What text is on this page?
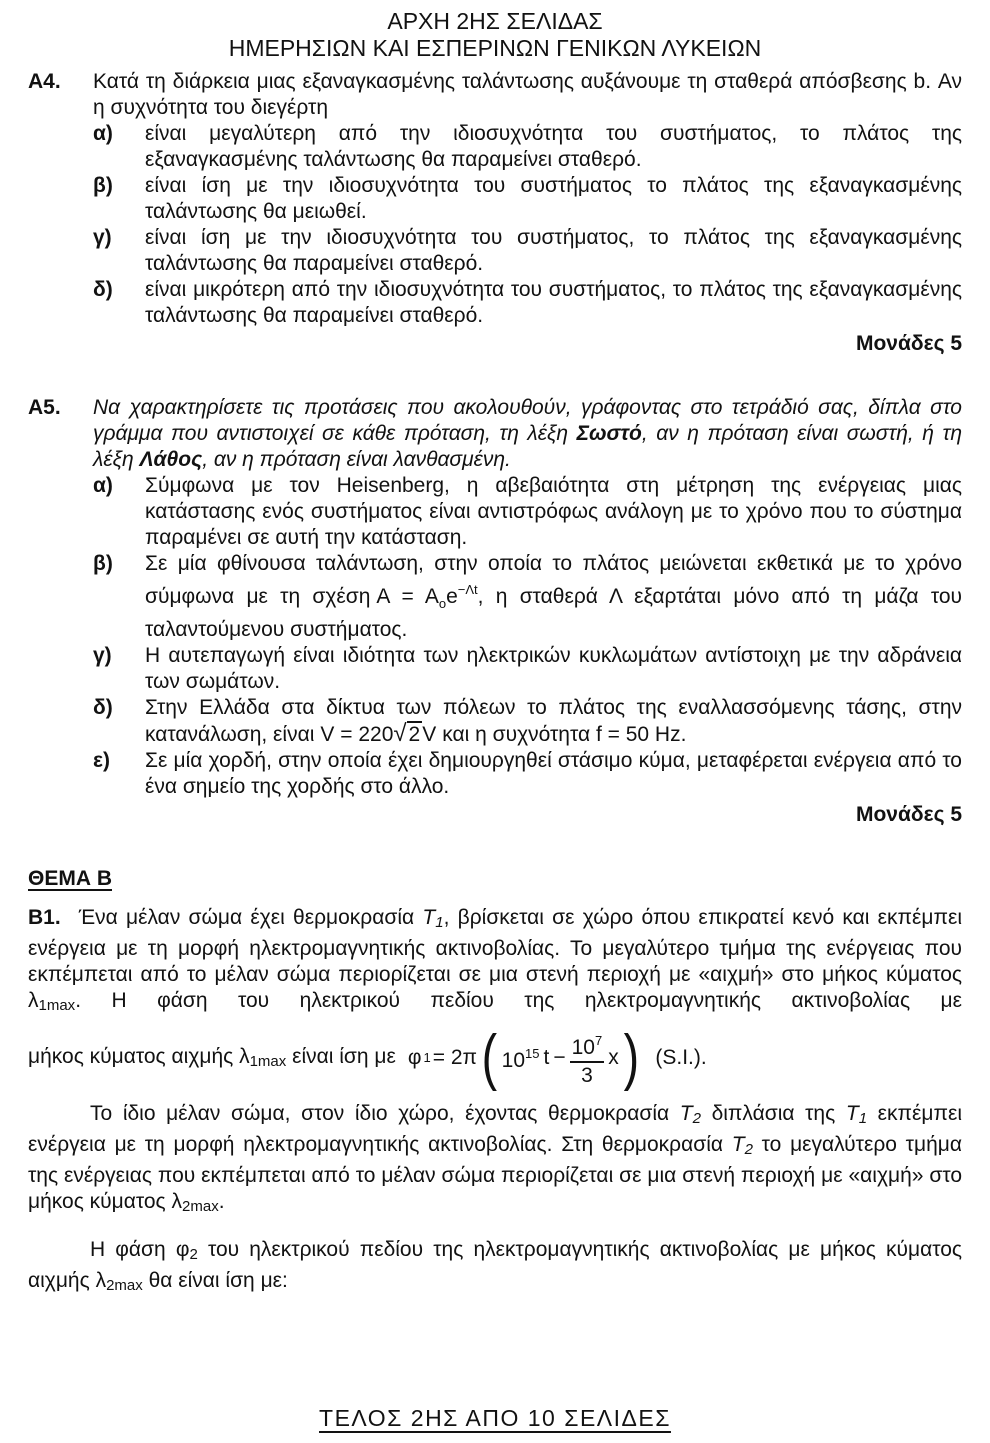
ΑΡΧΗ 2ΗΣ ΣΕΛΙΔΑΣ
ΗΜΕΡΗΣΙΩΝ ΚΑΙ ΕΣΠΕΡΙΝΩΝ ΓΕΝΙΚΩΝ ΛΥΚΕΙΩΝ
Α4.	Κατά τη διάρκεια μιας εξαναγκασμένης ταλάντωσης αυξάνουμε τη σταθερά απόσβεσης b. Αν η συχνότητα του διεγέρτη

α)	είναι μεγαλύτερη από την ιδιοσυχνότητα του συστήματος, το πλάτος της εξαναγκασμένης ταλάντωσης θα παραμείνει σταθερό.
β)	είναι ίση με την ιδιοσυχνότητα του συστήματος το πλάτος της εξαναγκασμένης ταλάντωσης θα μειωθεί.
γ)	είναι ίση με την ιδιοσυχνότητα του συστήματος, το πλάτος της εξαναγκασμένης ταλάντωσης θα παραμείνει σταθερό.
δ)	είναι μικρότερη από την ιδιοσυχνότητα του συστήματος, το πλάτος της εξαναγκασμένης ταλάντωσης θα παραμείνει σταθερό.
Μονάδες 5
Α5.	Να χαρακτηρίσετε τις προτάσεις που ακολουθούν, γράφοντας στο τετράδιό σας, δίπλα στο γράμμα που αντιστοιχεί σε κάθε πρόταση, τη λέξη Σωστό, αν η πρόταση είναι σωστή, ή τη λέξη Λάθος, αν η πρόταση είναι λανθασμένη.

α)	Σύμφωνα με τον Heisenberg, η αβεβαιότητα στη μέτρηση της ενέργειας μιας κατάστασης ενός συστήματος είναι αντιστρόφως ανάλογη με το χρόνο που το σύστημα παραμένει σε αυτή την κατάσταση.
β)	Σε μία φθίνουσα ταλάντωση, στην οποία το πλάτος μειώνεται εκθετικά με το χρόνο σύμφωνα με τη σχέση $A = A_oe^{-\Lambda t}$, η σταθερά Λ εξαρτάται μόνο από τη μάζα του ταλαντούμενου συστήματος.
γ)	Η αυτεπαγωγή είναι ιδιότητα των ηλεκτρικών κυκλωμάτων αντίστοιχη με την αδράνεια των σωμάτων.
δ)	Στην Ελλάδα στα δίκτυα των πόλεων το πλάτος της εναλλασσόμενης τάσης, στην κατανάλωση, είναι V = 220√2V και η συχνότητα f = 50 Hz.
ε)	Σε μία χορδή, στην οποία έχει δημιουργηθεί στάσιμο κύμα, μεταφέρεται ενέργεια από το ένα σημείο της χορδής στο άλλο.
Μονάδες 5
ΘΕΜΑ Β

Β1. Ένα μέλαν σώμα έχει θερμοκρασία T1, βρίσκεται σε χώρο όπου επικρατεί κενό και εκπέμπει ενέργεια με τη μορφή ηλεκτρομαγνητικής ακτινοβολίας. Το μεγαλύτερο τμήμα της ενέργειας που εκπέμπεται από το μέλαν σώμα περιορίζεται σε μια στενή περιοχή με «αιχμή» στο μήκος κύματος λ1max. Η φάση του ηλεκτρικού πεδίου της ηλεκτρομαγνητικής ακτινοβολίας με

μήκος κύματος αιχμής λ1max είναι ίση με φ 1 = 2π ( $10^{15}$ $t - \frac{10^7}{3}$ x ) (S.I.).

Το ίδιο μέλαν σώμα, στον ίδιο χώρο, έχοντας θερμοκρασία T2 διπλάσια της T1 εκπέμπει ενέργεια με τη μορφή ηλεκτρομαγνητικής ακτινοβολίας. Στη θερμοκρασία T2 το μεγαλύτερο τμήμα της ενέργειας που εκπέμπεται από το μέλαν σώμα περιορίζεται σε μια στενή περιοχή με «αιχμή» στο μήκος κύματος λ2max.

Η φάση φ2 του ηλεκτρικού πεδίου της ηλεκτρομαγνητικής ακτινοβολίας με μήκος κύματος αιχμής λ2max θα είναι ίση με:

ΤΕΛΟΣ 2ΗΣ ΑΠΟ 10 ΣΕΛΙΔΕΣ
